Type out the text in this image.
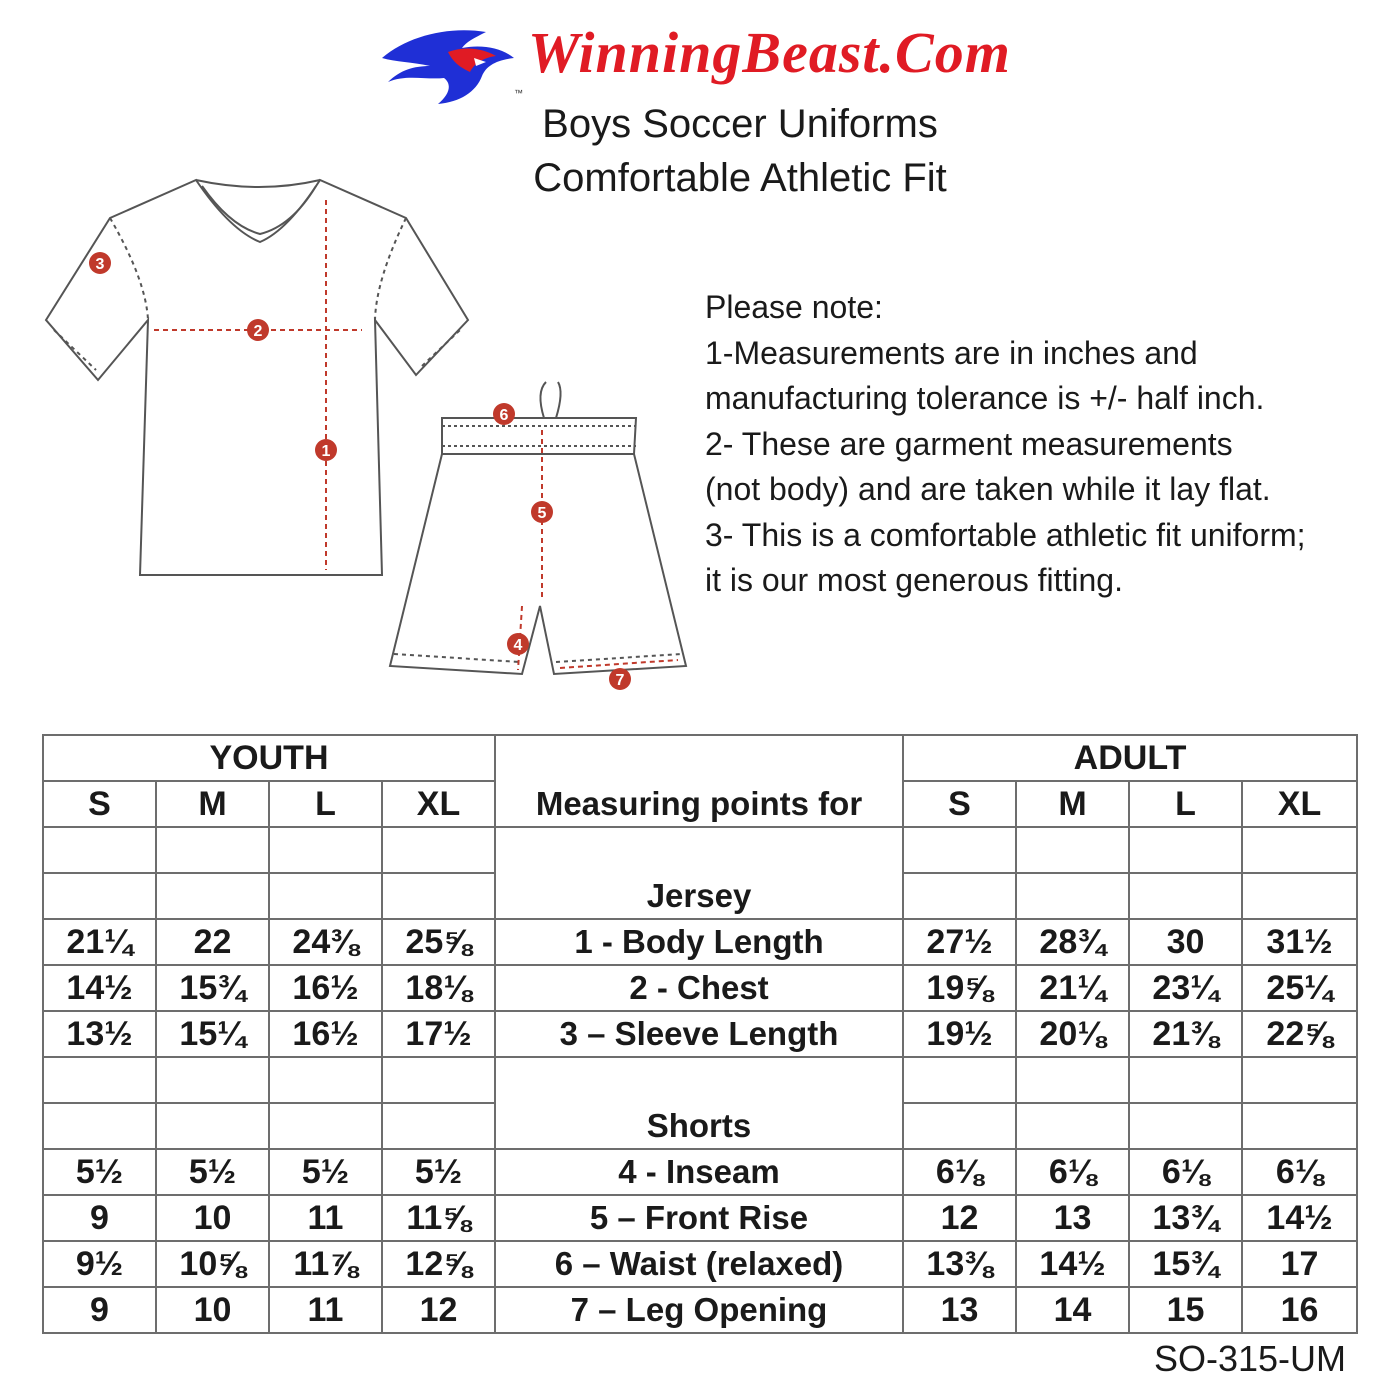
WinningBeast.Com
™
Boys Soccer Uniforms
Comfortable Athletic Fit
1
2
3
4
5
6
7
Please note:
1-Measurements are in inches and
manufacturing tolerance is +/- half inch.
2- These are garment measurements
(not body) and are taken while it lay flat.
3- This is a comfortable athletic fit uniform;
it is our most generous fitting.
YOUTH					ADULT			
S	M	L	XL	Measuring points for	S	M	L	XL

				Jersey				
21¼	22	24⅜	25⅝	1 - Body Length	27½	28¾	30	31½
14½	15¾	16½	18⅛	2 - Chest	19⅝	21¼	23¼	25¼
13½	15¼	16½	17½	3 – Sleeve Length	19½	20⅛	21⅜	22⅝

				Shorts				
5½	5½	5½	5½	4 - Inseam	6⅛	6⅛	6⅛	6⅛
9	10	11	11⅝	5 – Front Rise	12	13	13¾	14½
9½	10⅝	11⅞	12⅝	6 – Waist (relaxed)	13⅜	14½	15¾	17
9	10	11	12	7 – Leg Opening	13	14	15	16
SO-315-UM
